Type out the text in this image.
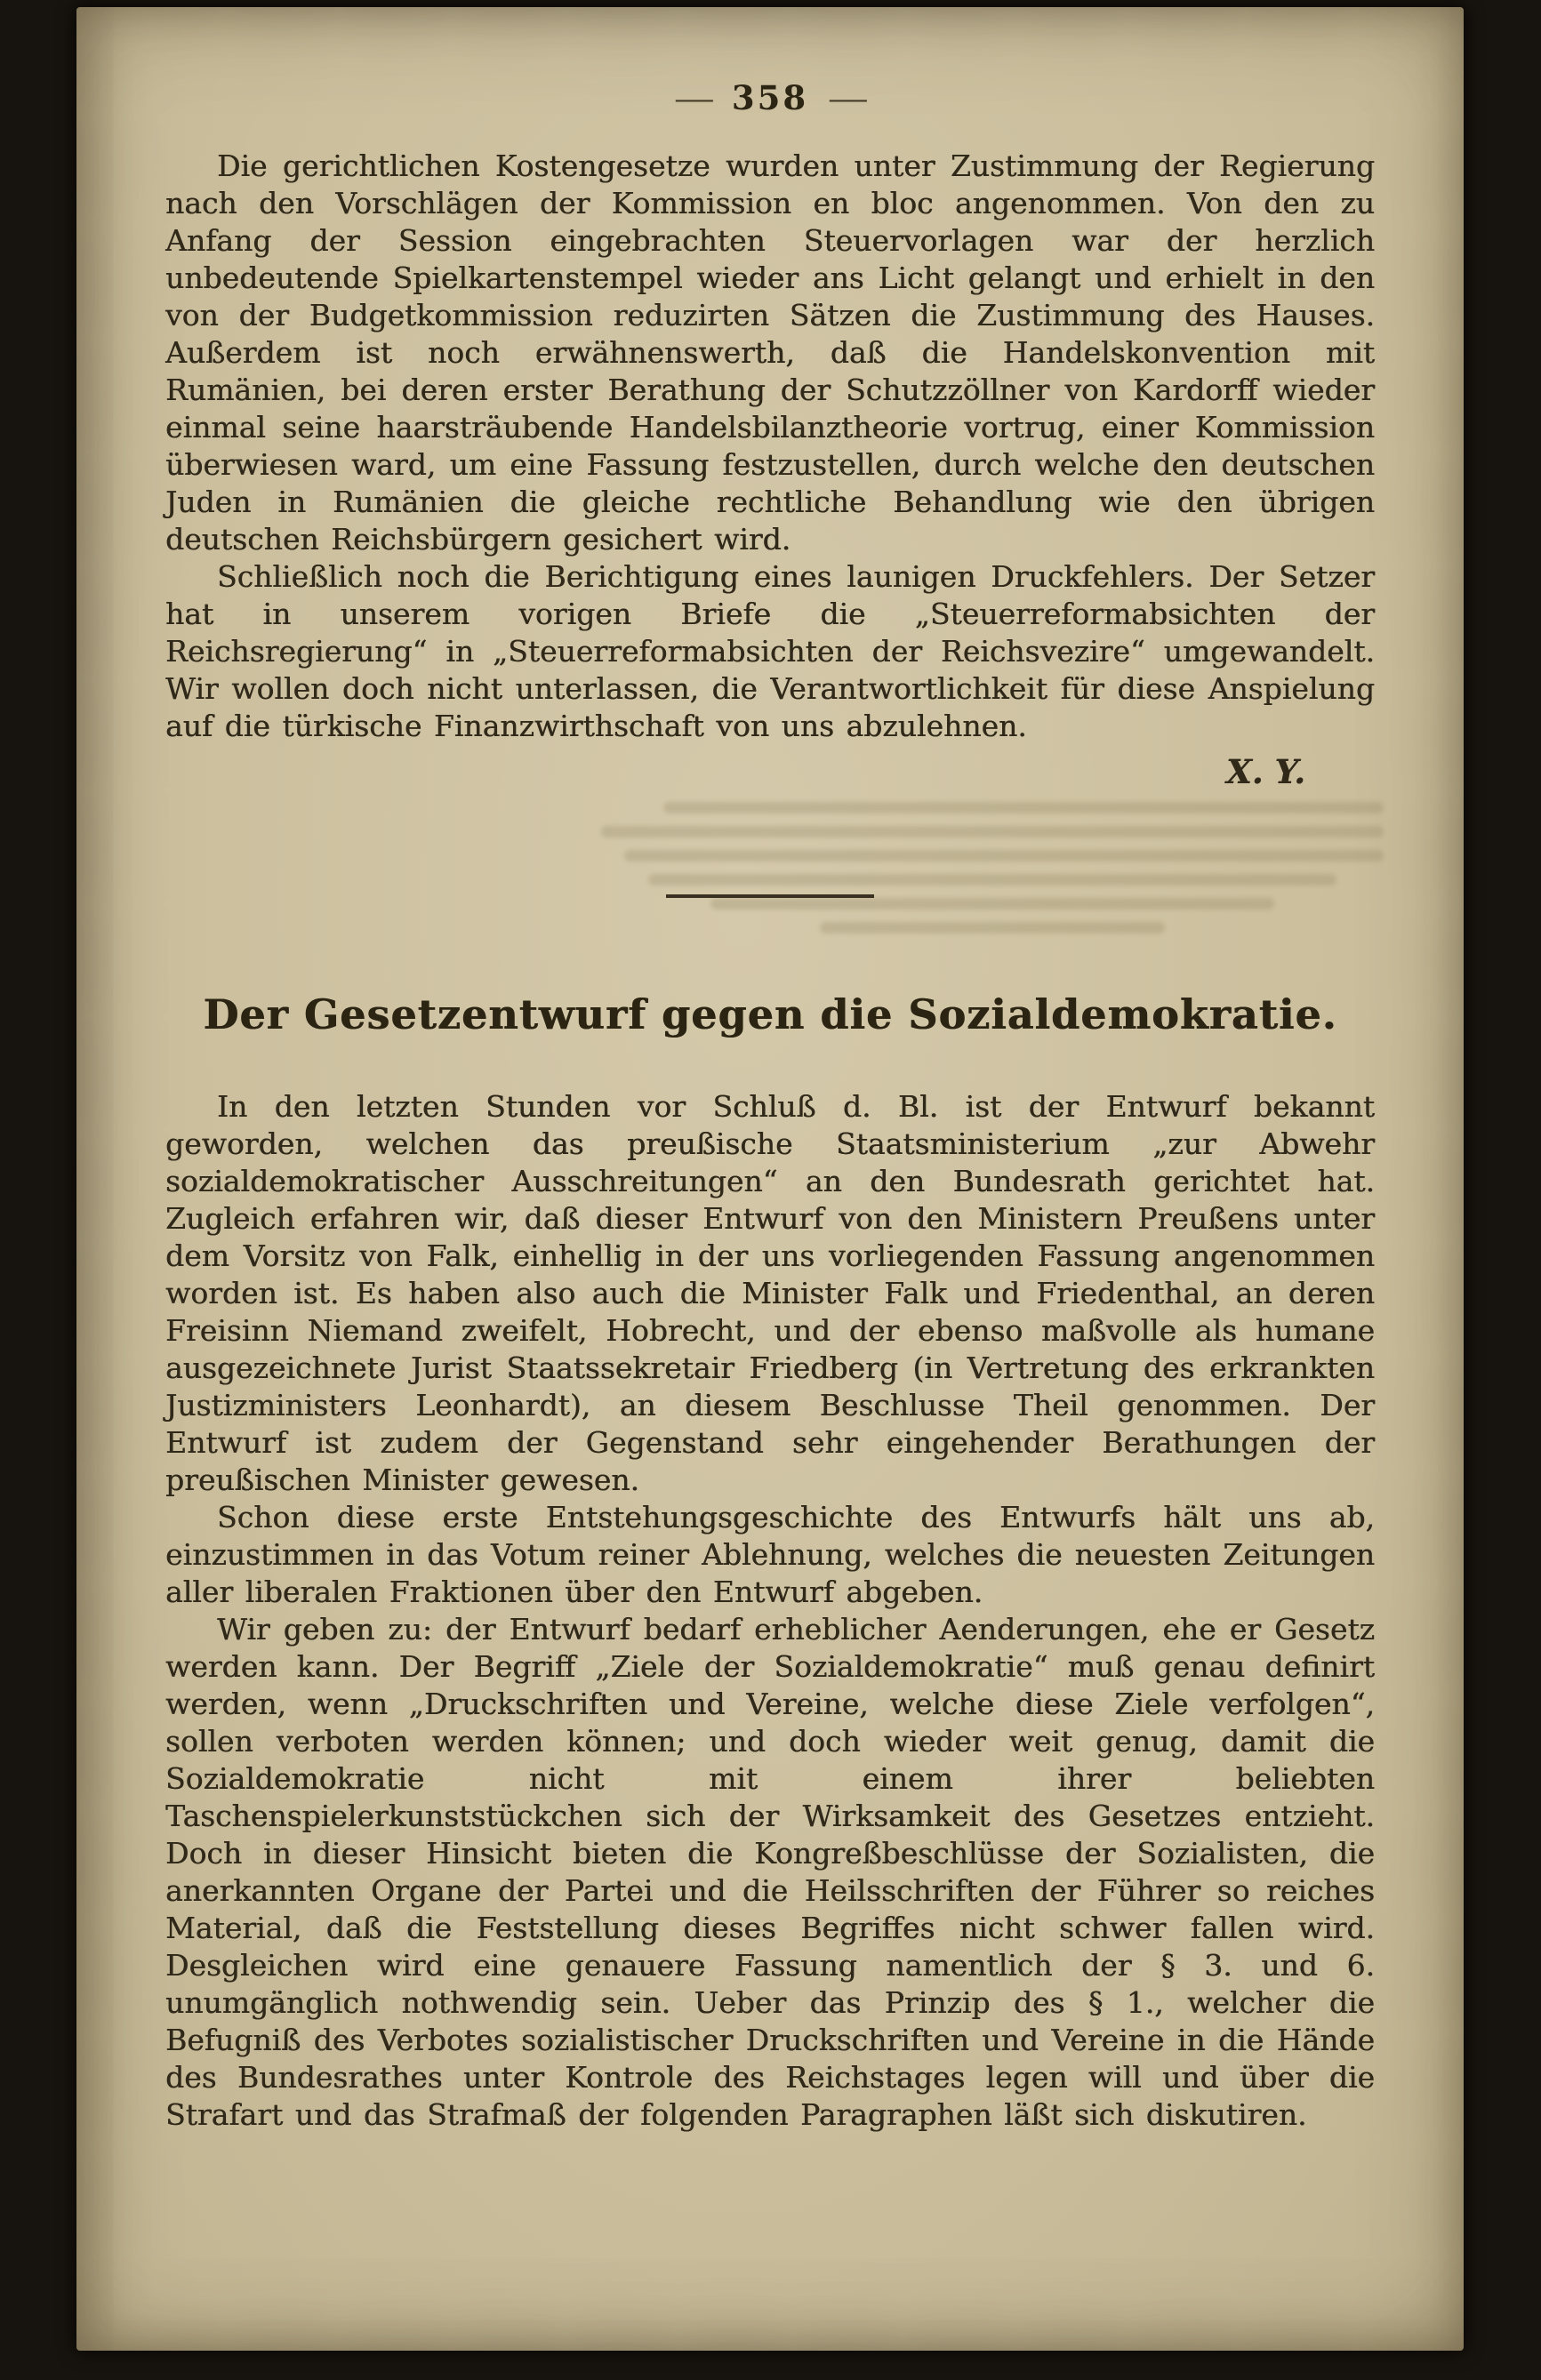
— 358 —

Die gerichtlichen Kostengesetze wurden unter Zustimmung der Regierung nach den Vorschlägen der Kommission en bloc angenommen. Von den zu Anfang der Session eingebrachten Steuervorlagen war der herzlich unbedeutende Spielkartenstempel wieder ans Licht gelangt und erhielt in den von der Budgetkommission reduzirten Sätzen die Zustimmung des Hauses. Außerdem ist noch erwähnenswerth, daß die Handelskonvention mit Rumänien, bei deren erster Berathung der Schutzzöllner von Kardorff wieder einmal seine haarsträubende Handelsbilanztheorie vortrug, einer Kommission überwiesen ward, um eine Fassung festzustellen, durch welche den deutschen Juden in Rumänien die gleiche rechtliche Behandlung wie den übrigen deutschen Reichsbürgern gesichert wird.

Schließlich noch die Berichtigung eines launigen Druckfehlers. Der Setzer hat in unserem vorigen Briefe die „Steuerreformabsichten der Reichsregierung“ in „Steuerreformabsichten der Reichsvezire“ umgewandelt. Wir wollen doch nicht unterlassen, die Verantwortlichkeit für diese Anspielung auf die türkische Finanzwirthschaft von uns abzulehnen.

X. Y.
Der Gesetzentwurf gegen die Sozialdemokratie.

In den letzten Stunden vor Schluß d. Bl. ist der Entwurf bekannt geworden, welchen das preußische Staatsministerium „zur Abwehr sozialdemokratischer Ausschreitungen“ an den Bundesrath gerichtet hat. Zugleich erfahren wir, daß dieser Entwurf von den Ministern Preußens unter dem Vorsitz von Falk, einhellig in der uns vorliegenden Fassung angenommen worden ist. Es haben also auch die Minister Falk und Friedenthal, an deren Freisinn Niemand zweifelt, Hobrecht, und der ebenso maßvolle als humane ausgezeichnete Jurist Staatssekretair Friedberg (in Vertretung des erkrankten Justizministers Leonhardt), an diesem Beschlusse Theil genommen. Der Entwurf ist zudem der Gegenstand sehr eingehender Berathungen der preußischen Minister gewesen.

Schon diese erste Entstehungsgeschichte des Entwurfs hält uns ab, einzustimmen in das Votum reiner Ablehnung, welches die neuesten Zeitungen aller liberalen Fraktionen über den Entwurf abgeben.

Wir geben zu: der Entwurf bedarf erheblicher Aenderungen, ehe er Gesetz werden kann. Der Begriff „Ziele der Sozialdemokratie“ muß genau definirt werden, wenn „Druckschriften und Vereine, welche diese Ziele verfolgen“, sollen verboten werden können; und doch wieder weit genug, damit die Sozialdemokratie nicht mit einem ihrer beliebten Taschenspielerkunststückchen sich der Wirksamkeit des Gesetzes entzieht. Doch in dieser Hinsicht bieten die Kongreßbeschlüsse der Sozialisten, die anerkannten Organe der Partei und die Heilsschriften der Führer so reiches Material, daß die Feststellung dieses Begriffes nicht schwer fallen wird. Desgleichen wird eine genauere Fassung namentlich der § 3. und 6. unumgänglich nothwendig sein. Ueber das Prinzip des § 1., welcher die Befugniß des Verbotes sozialistischer Druckschriften und Vereine in die Hände des Bundesrathes unter Kontrole des Reichstages legen will und über die Strafart und das Strafmaß der folgenden Paragraphen läßt sich diskutiren.
